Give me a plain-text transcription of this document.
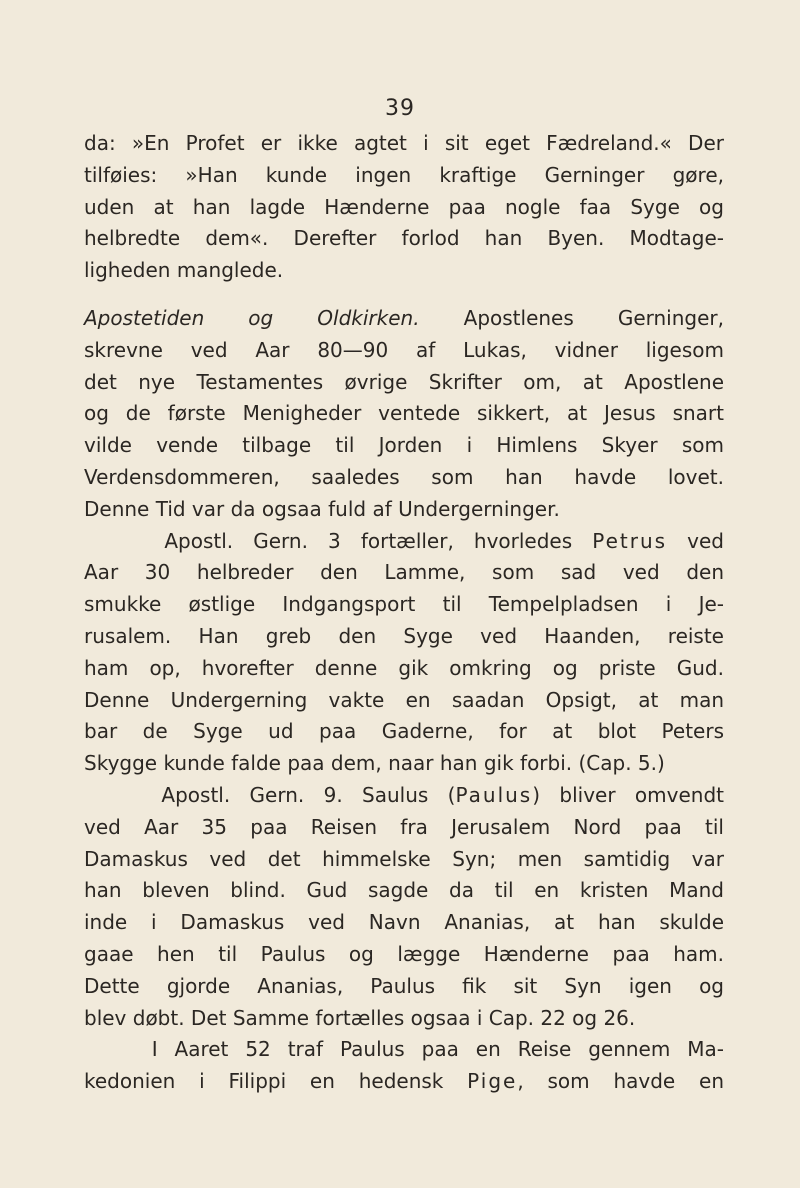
39
da: »En Profet er ikke agtet i sit eget Fædreland.« Der
tilføies: »Han kunde ingen kraftige Gerninger gøre,
uden at han lagde Hænderne paa nogle faa Syge og
helbredte dem«. Derefter forlod han Byen. Modtage-
ligheden manglede.
Apostetiden og Oldkirken. Apostlenes Gerninger,
skrevne ved Aar 80—90 af Lukas, vidner ligesom
det nye Testamentes øvrige Skrifter om, at Apostlene
og de første Menigheder ventede sikkert, at Jesus snart
vilde vende tilbage til Jorden i Himlens Skyer som
Verdensdommeren, saaledes som han havde lovet.
Denne Tid var da ogsaa fuld af Undergerninger.
Apostl. Gern. 3 fortæller, hvorledes Petrus ved
Aar 30 helbreder den Lamme, som sad ved den
smukke østlige Indgangsport til Tempelpladsen i Je-
rusalem. Han greb den Syge ved Haanden, reiste
ham op, hvorefter denne gik omkring og priste Gud.
Denne Undergerning vakte en saadan Opsigt, at man
bar de Syge ud paa Gaderne, for at blot Peters
Skygge kunde falde paa dem, naar han gik forbi. (Cap. 5.)
Apostl. Gern. 9. Saulus (Paulus) bliver omvendt
ved Aar 35 paa Reisen fra Jerusalem Nord paa til
Damaskus ved det himmelske Syn; men samtidig var
han bleven blind. Gud sagde da til en kristen Mand
inde i Damaskus ved Navn Ananias, at han skulde
gaae hen til Paulus og lægge Hænderne paa ham.
Dette gjorde Ananias, Paulus fik sit Syn igen og
blev døbt. Det Samme fortælles ogsaa i Cap. 22 og 26.
I Aaret 52 traf Paulus paa en Reise gennem Ma-
kedonien i Filippi en hedensk Pige, som havde en
